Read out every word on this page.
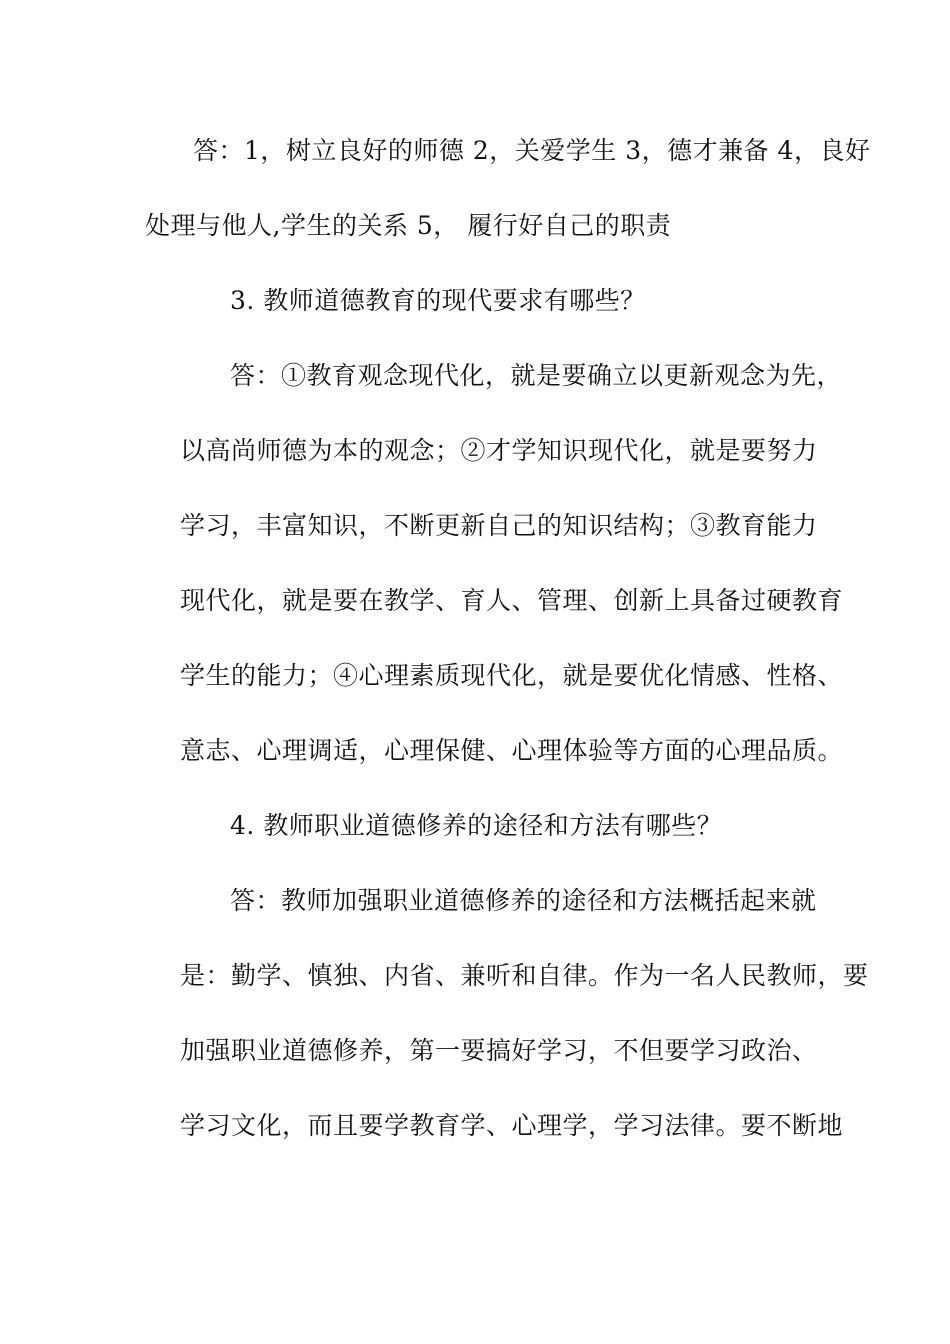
答：1，树立良好的师德 2，关爱学生 3，德才兼备 4，良好
处理与他人,学生的关系 5， 履行好自己的职责
3. 教师道德教育的现代要求有哪些？
答：①教育观念现代化，就是要确立以更新观念为先，
以高尚师德为本的观念；②才学知识现代化，就是要努力
学习，丰富知识，不断更新自己的知识结构；③教育能力
现代化，就是要在教学、育人、管理、创新上具备过硬教育
学生的能力；④心理素质现代化，就是要优化情感、性格、
意志、心理调适，心理保健、心理体验等方面的心理品质。
4. 教师职业道德修养的途径和方法有哪些？
答：教师加强职业道德修养的途径和方法概括起来就
是：勤学、慎独、内省、兼听和自律。作为一名人民教师，要
加强职业道德修养，第一要搞好学习，不但要学习政治、
学习文化，而且要学教育学、心理学，学习法律。要不断地
